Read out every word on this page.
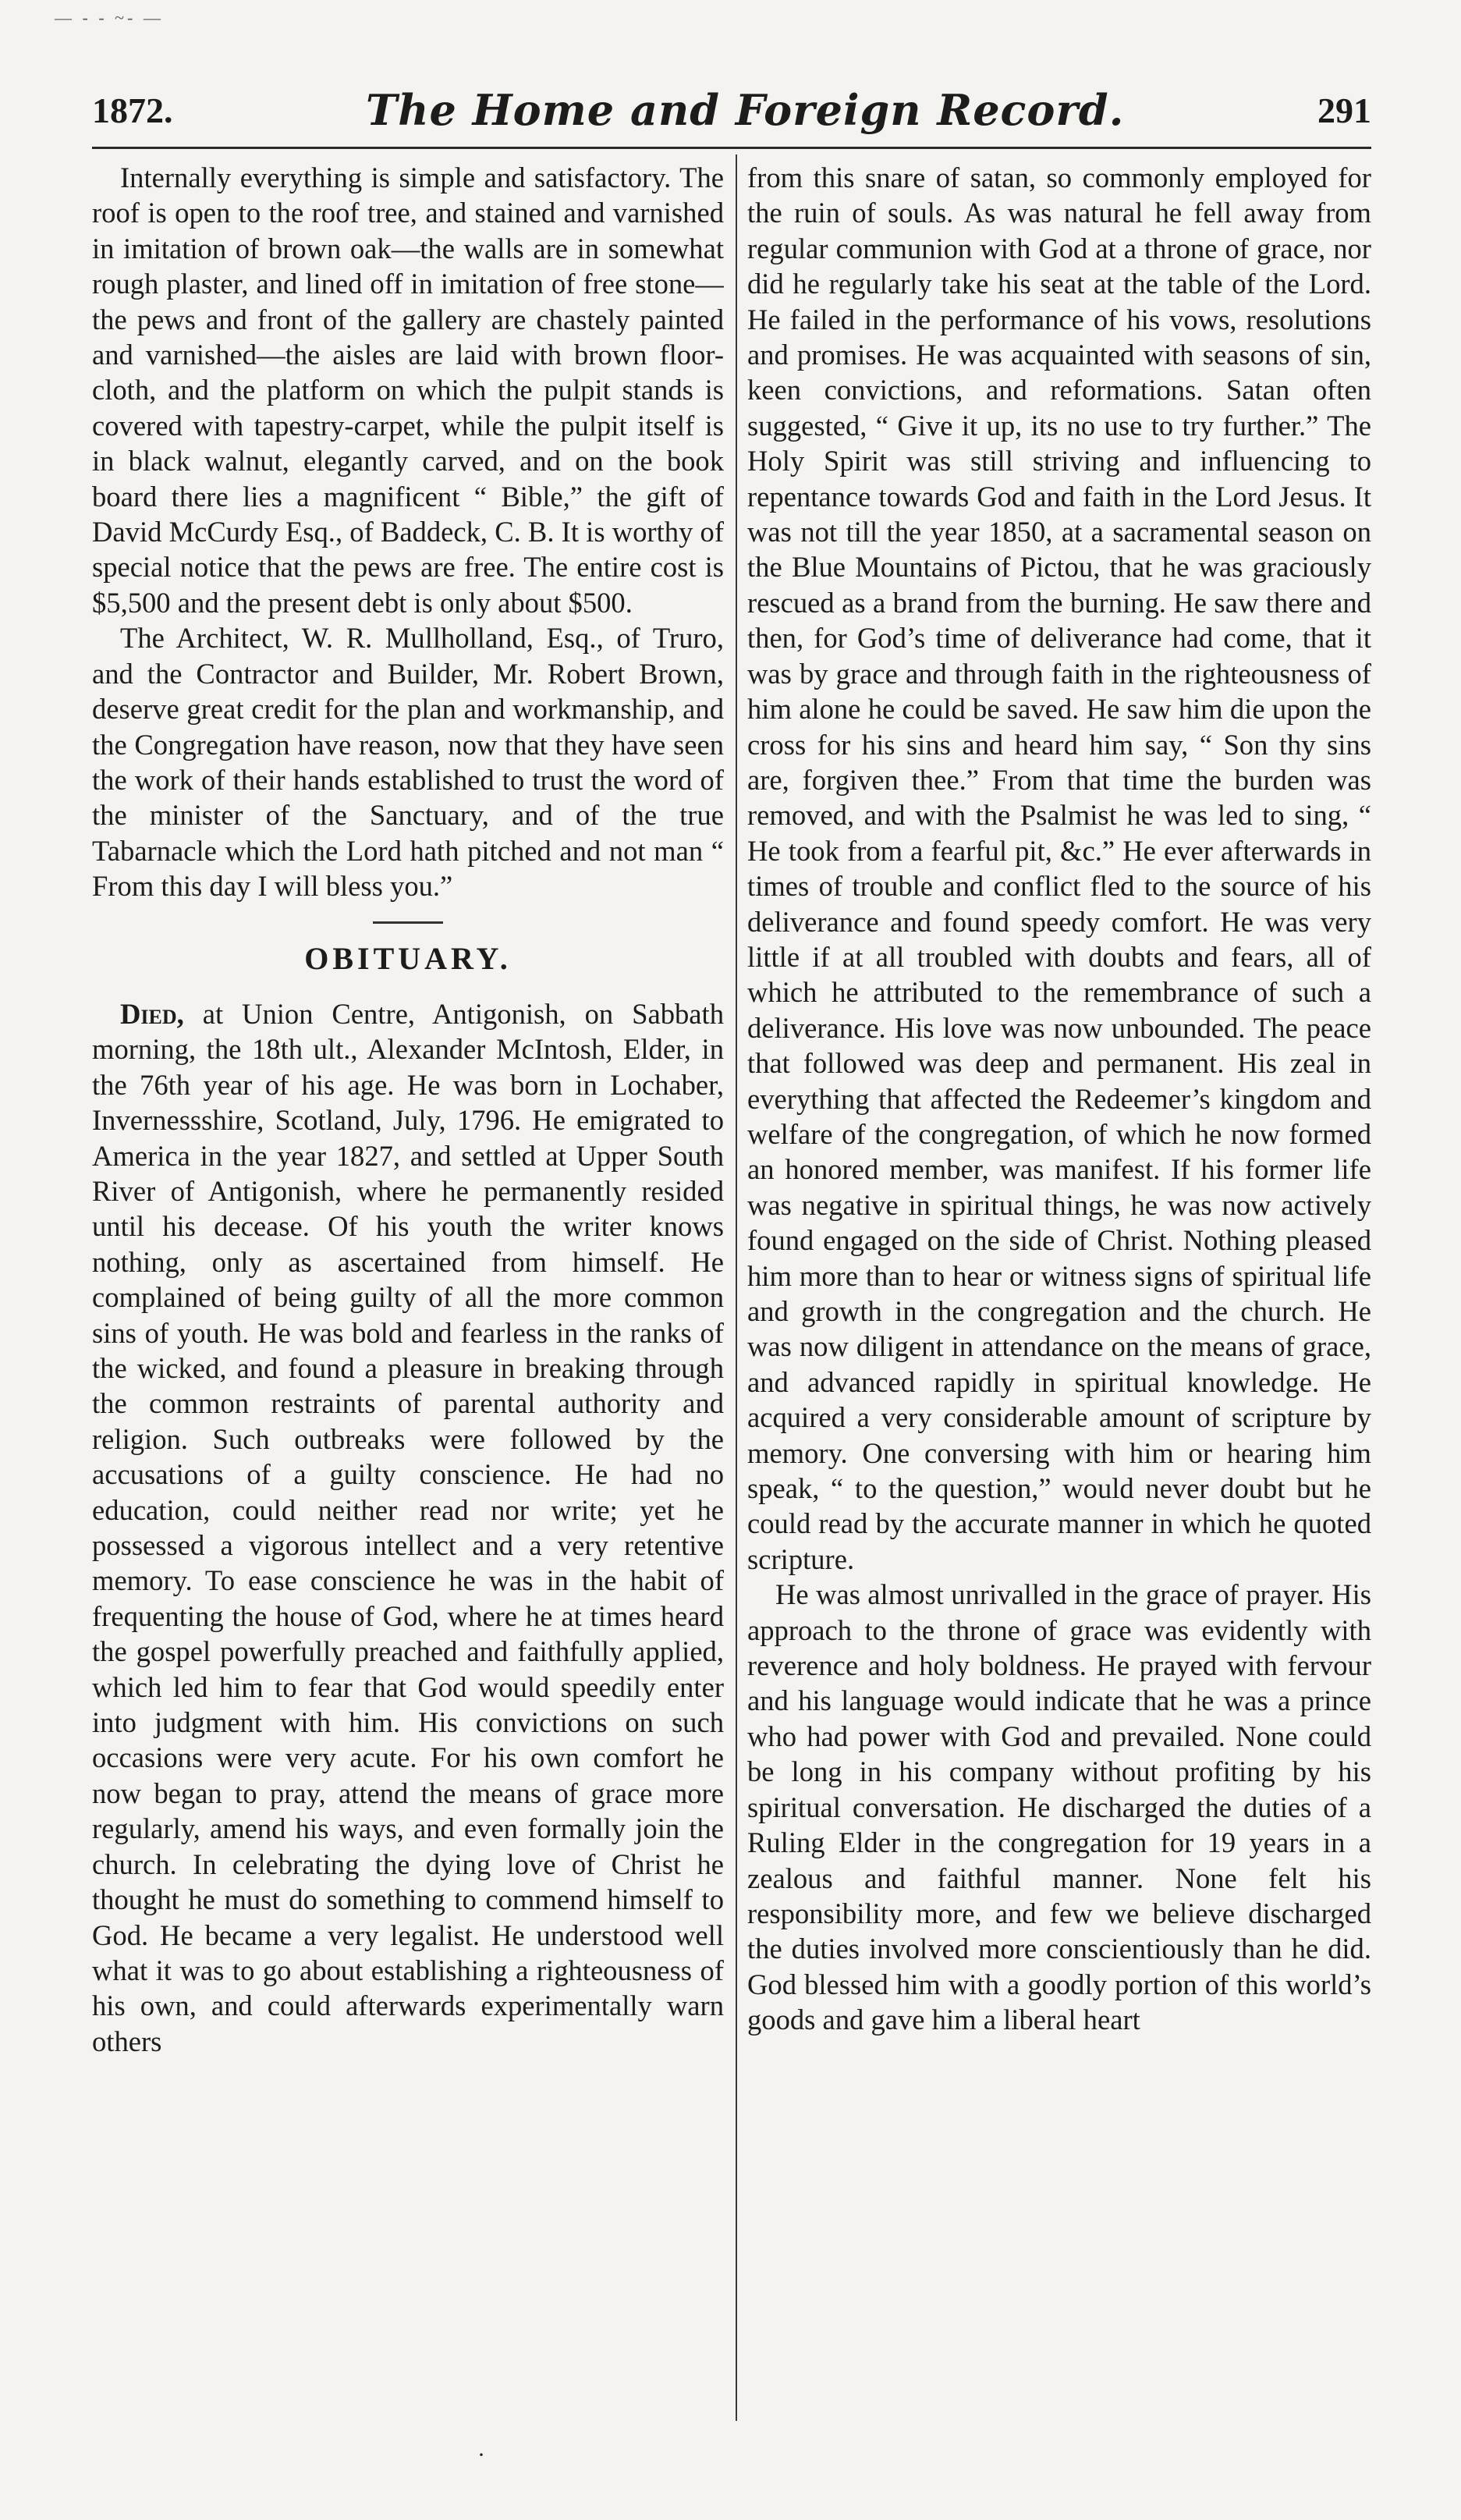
— - - ~- —
1872.	The Home and Foreign Record.	291

Internally everything is simple and satisfactory. The roof is open to the roof tree, and stained and varnished in imitation of brown oak—the walls are in somewhat rough plaster, and lined off in imitation of free stone—the pews and front of the gallery are chastely painted and varnished—the aisles are laid with brown floor-cloth, and the platform on which the pulpit stands is covered with tapestry-carpet, while the pulpit itself is in black walnut, elegantly carved, and on the book board there lies a magnificent “ Bible,” the gift of David McCurdy Esq., of Baddeck, C. B. It is worthy of special notice that the pews are free. The entire cost is $5,500 and the present debt is only about $500.

The Architect, W. R. Mullholland, Esq., of Truro, and the Contractor and Builder, Mr. Robert Brown, deserve great credit for the plan and workmanship, and the Congregation have reason, now that they have seen the work of their hands established to trust the word of the minister of the Sanctuary, and of the true Tabarnacle which the Lord hath pitched and not man “ From this day I will bless you.”

OBITUARY.

Died, at Union Centre, Antigonish, on Sabbath morning, the 18th ult., Alexander McIntosh, Elder, in the 76th year of his age. He was born in Lochaber, Invernessshire, Scotland, July, 1796. He emigrated to America in the year 1827, and settled at Upper South River of Antigonish, where he permanently resided until his decease. Of his youth the writer knows nothing, only as ascertained from himself. He complained of being guilty of all the more common sins of youth. He was bold and fearless in the ranks of the wicked, and found a pleasure in breaking through the common restraints of parental authority and religion. Such outbreaks were followed by the accusations of a guilty conscience. He had no education, could neither read nor write; yet he possessed a vigorous intellect and a very retentive memory. To ease conscience he was in the habit of frequenting the house of God, where he at times heard the gospel powerfully preached and faithfully applied, which led him to fear that God would speedily enter into judgment with him. His convictions on such occasions were very acute. For his own comfort he now began to pray, attend the means of grace more regularly, amend his ways, and even formally join the church. In celebrating the dying love of Christ he thought he must do something to commend himself to God. He became a very legalist. He understood well what it was to go about establishing a righteousness of his own, and could afterwards experimentally warn others

from this snare of satan, so commonly employed for the ruin of souls. As was natural he fell away from regular communion with God at a throne of grace, nor did he regularly take his seat at the table of the Lord. He failed in the performance of his vows, resolutions and promises. He was acquainted with seasons of sin, keen convictions, and reformations. Satan often suggested, “ Give it up, its no use to try further.” The Holy Spirit was still striving and influencing to repentance towards God and faith in the Lord Jesus. It was not till the year 1850, at a sacramental season on the Blue Mountains of Pictou, that he was graciously rescued as a brand from the burning. He saw there and then, for God’s time of deliverance had come, that it was by grace and through faith in the righteousness of him alone he could be saved. He saw him die upon the cross for his sins and heard him say, “ Son thy sins are, forgiven thee.” From that time the burden was removed, and with the Psalmist he was led to sing, “ He took from a fearful pit, &c.” He ever afterwards in times of trouble and conflict fled to the source of his deliverance and found speedy comfort. He was very little if at all troubled with doubts and fears, all of which he attributed to the remembrance of such a deliverance. His love was now unbounded. The peace that followed was deep and permanent. His zeal in everything that affected the Redeemer’s kingdom and welfare of the congregation, of which he now formed an honored member, was manifest. If his former life was negative in spiritual things, he was now actively found engaged on the side of Christ. Nothing pleased him more than to hear or witness signs of spiritual life and growth in the congregation and the church. He was now diligent in attendance on the means of grace, and advanced rapidly in spiritual knowledge. He acquired a very considerable amount of scripture by memory. One conversing with him or hearing him speak, “ to the question,” would never doubt but he could read by the accurate manner in which he quoted scripture.

He was almost unrivalled in the grace of prayer. His approach to the throne of grace was evidently with reverence and holy boldness. He prayed with fervour and his language would indicate that he was a prince who had power with God and prevailed. None could be long in his company without profiting by his spiritual conversation. He discharged the duties of a Ruling Elder in the congregation for 19 years in a zealous and faithful manner. None felt his responsibility more, and few we believe discharged the duties involved more conscientiously than he did. God blessed him with a goodly portion of this world’s goods and gave him a liberal heart

·
